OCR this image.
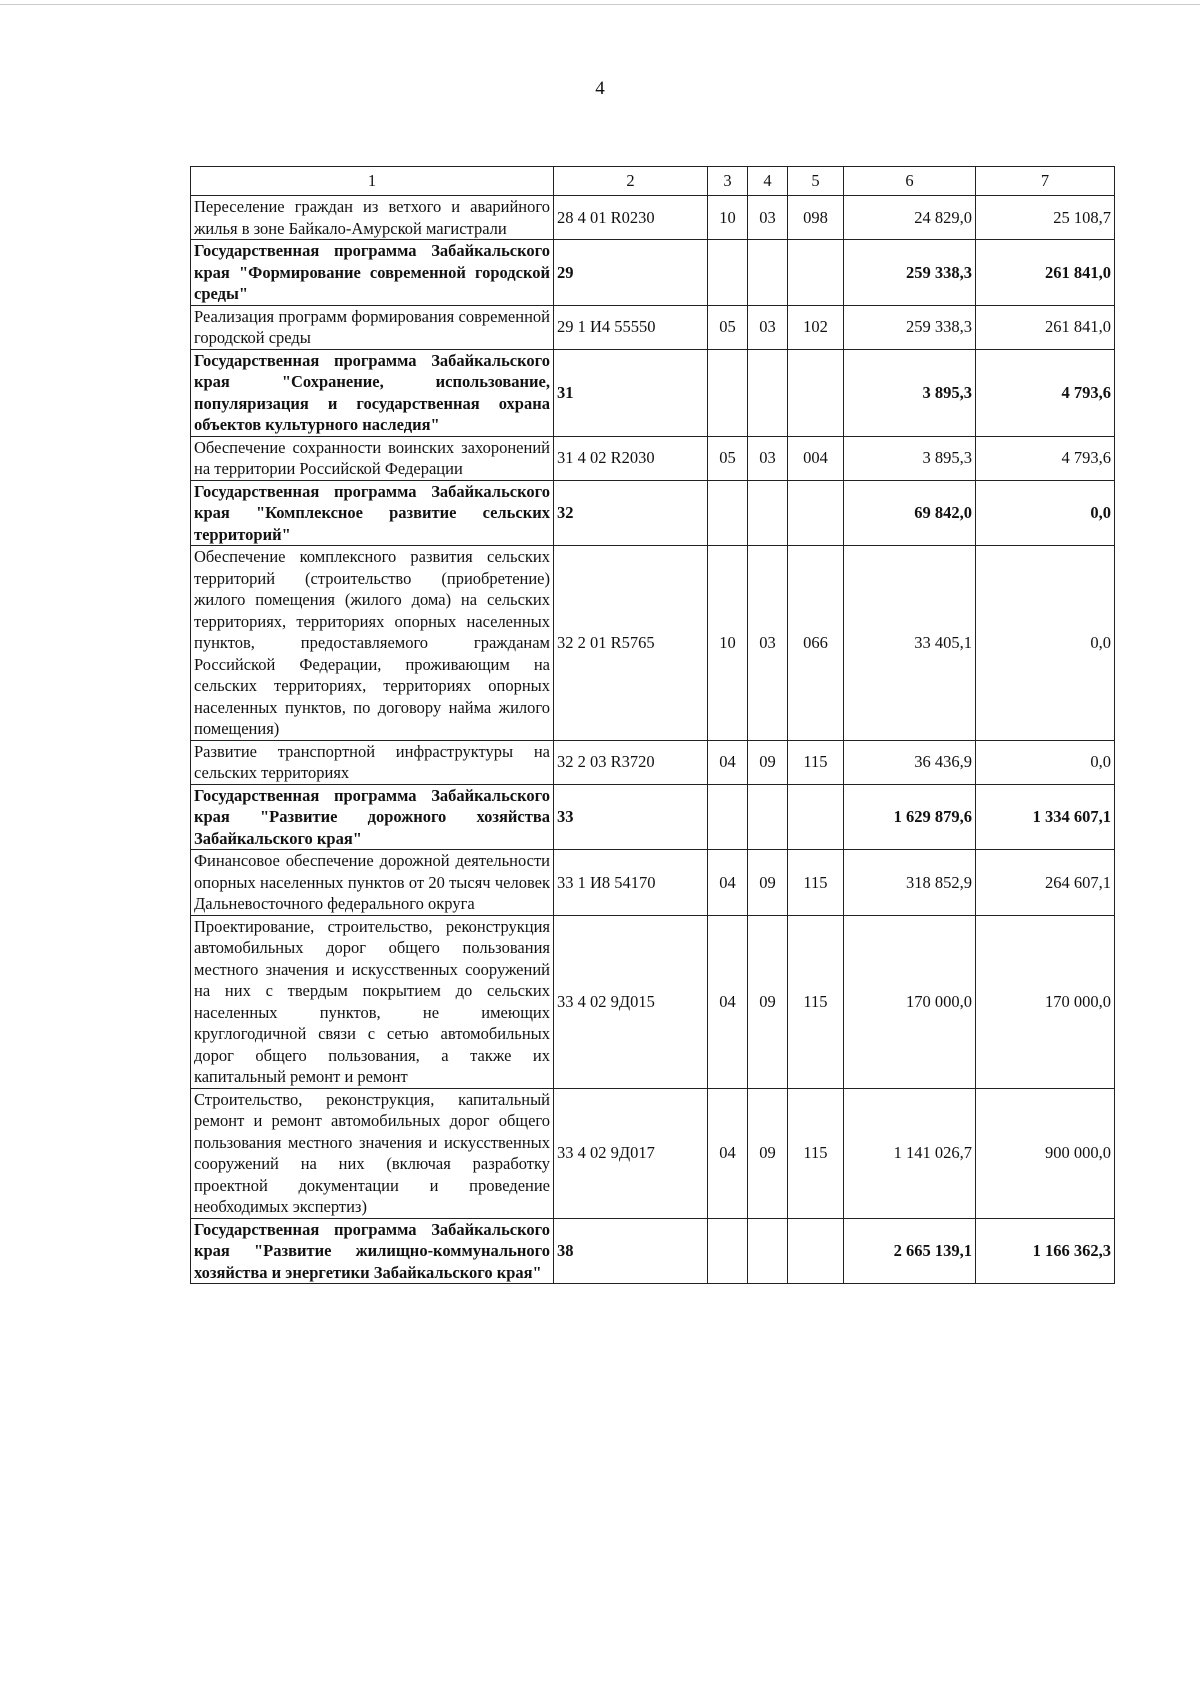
4
1	2	3	4	5	6	7
Переселение граждан из ветхого и аварийного жилья в зоне Байкало-Амурской магистрали	28 4 01 R0230	10	03	098	24 829,0	25 108,7
Государственная программа Забайкальского края "Формирование современной городской среды"	29				259 338,3	261 841,0
Реализация программ формирования современной городской среды	29 1 И4 55550	05	03	102	259 338,3	261 841,0
Государственная программа Забайкальского края "Сохранение, использование, популяризация и государственная охрана объектов культурного наследия"	31				3 895,3	4 793,6
Обеспечение сохранности воинских захоронений на территории Российской Федерации	31 4 02 R2030	05	03	004	3 895,3	4 793,6
Государственная программа Забайкальского края "Комплексное развитие сельских территорий"	32				69 842,0	0,0
Обеспечение комплексного развития сельских территорий (строительство (приобретение) жилого помещения (жилого дома) на сельских территориях, территориях опорных населенных пунктов, предоставляемого гражданам Российской Федерации, проживающим на сельских территориях, территориях опорных населенных пунктов, по договору найма жилого помещения)	32 2 01 R5765	10	03	066	33 405,1	0,0
Развитие транспортной инфраструктуры на сельских территориях	32 2 03 R3720	04	09	115	36 436,9	0,0
Государственная программа Забайкальского края "Развитие дорожного хозяйства Забайкальского края"	33				1 629 879,6	1 334 607,1
Финансовое обеспечение дорожной деятельности опорных населенных пунктов от 20 тысяч человек Дальневосточного федерального округа	33 1 И8 54170	04	09	115	318 852,9	264 607,1
Проектирование, строительство, реконструкция автомобильных дорог общего пользования местного значения и искусственных сооружений на них с твердым покрытием до сельских населенных пунктов, не имеющих круглогодичной связи с сетью автомобильных дорог общего пользования, а также их капитальный ремонт и ремонт	33 4 02 9Д015	04	09	115	170 000,0	170 000,0
Строительство, реконструкция, капитальный ремонт и ремонт автомобильных дорог общего пользования местного значения и искусственных сооружений на них (включая разработку проектной документации и проведение необходимых экспертиз)	33 4 02 9Д017	04	09	115	1 141 026,7	900 000,0
Государственная программа Забайкальского края "Развитие жилищно-коммунального хозяйства и энергетики Забайкальского края"	38				2 665 139,1	1 166 362,3
